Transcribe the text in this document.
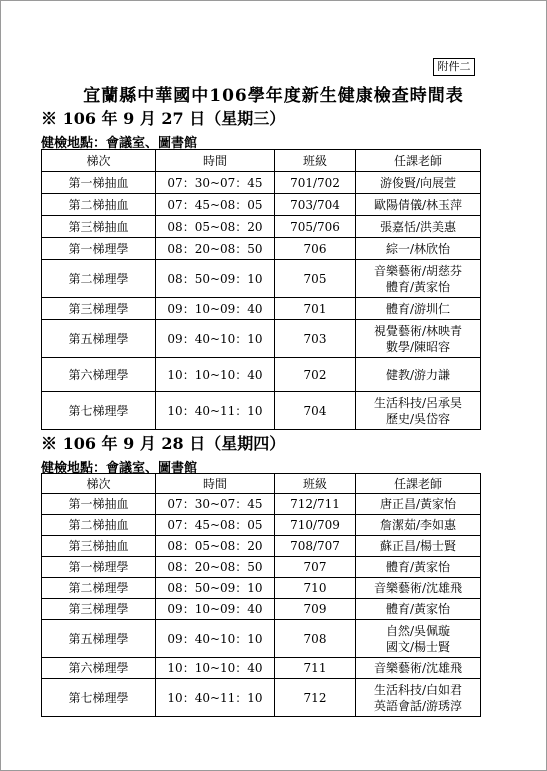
附件二
宜蘭縣中華國中106學年度新生健康檢查時間表
※ 106 年 9 月 27 日（星期三）
健檢地點：會議室、圖書館
梯次	時間	班級	任課老師
第一梯抽血	07：30~07：45	701/702	游俊賢/向展萱

第二梯抽血	07：45~08：05	703/704	歐陽倩儀/林玉萍

第三梯抽血	08：05~08：20	705/706	張嘉恬/洪美惠

第一梯理學	08：20~08：50	706	綜一/林欣怡

第二梯理學	08：50~09：10	705	音樂藝術/胡慈芬
體育/黃家怡

第三梯理學	09：10~09：40	701	體育/游圳仁

第五梯理學	09：40~10：10	703	視覺藝術/林映青
數學/陳昭容

第六梯理學	10：10~10：40	702	健教/游力謙

第七梯理學	10：40~11：10	704	生活科技/呂承昊
歷史/吳岱容
※ 106 年 9 月 28 日（星期四）
健檢地點：會議室、圖書館
梯次	時間	班級	任課老師
第一梯抽血	07：30~07：45	712/711	唐正昌/黃家怡

第二梯抽血	07：45~08：05	710/709	詹潔茹/李如惠

第三梯抽血	08：05~08：20	708/707	蘇正昌/楊士賢

第一梯理學	08：20~08：50	707	體育/黃家怡

第二梯理學	08：50~09：10	710	音樂藝術/沈雄飛

第三梯理學	09：10~09：40	709	體育/黃家怡

第五梯理學	09：40~10：10	708	自然/吳佩璇
國文/楊士賢

第六梯理學	10：10~10：40	711	音樂藝術/沈雄飛

第七梯理學	10：40~11：10	712	生活科技/白如君
英語會話/游琇淳
